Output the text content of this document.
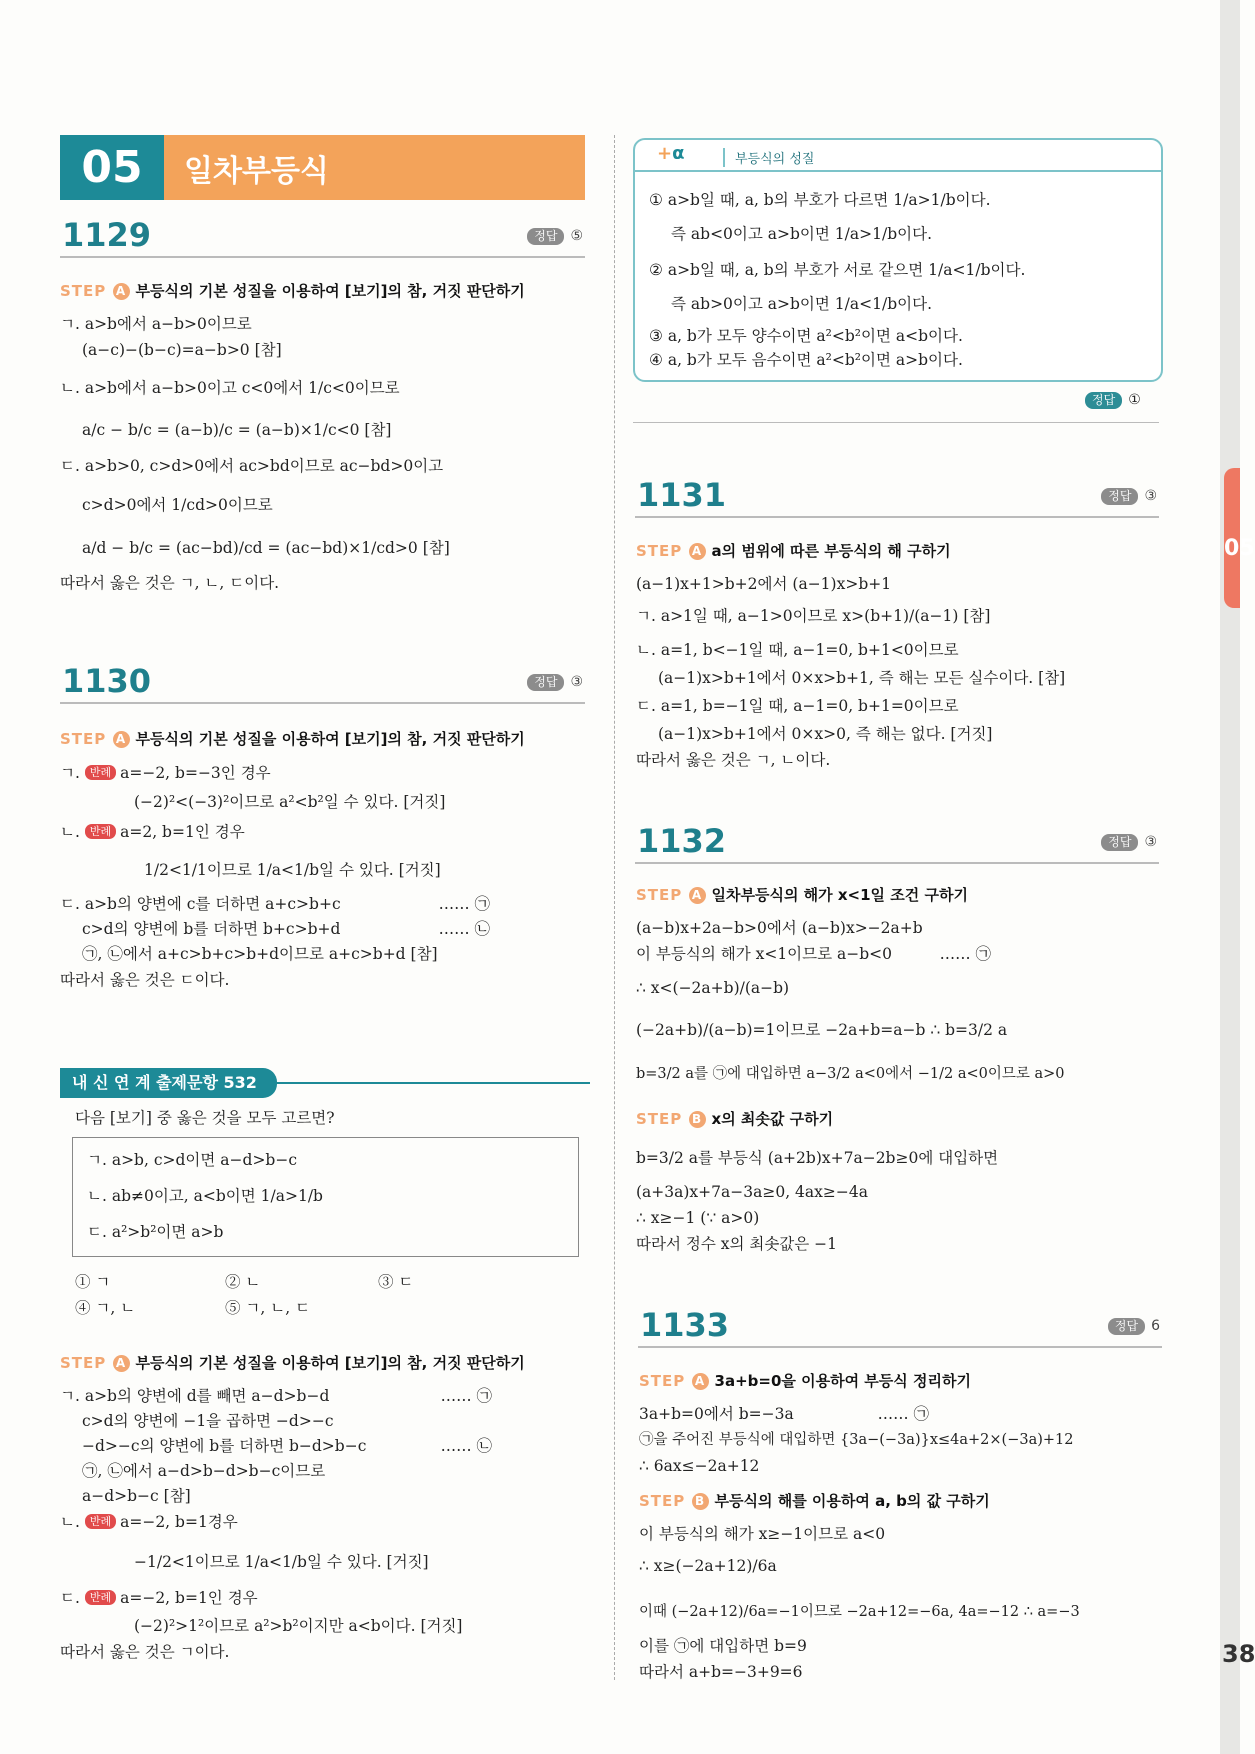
05
38
05	일차부등식
1129	정답 ⑤
STEP A 부등식의 기본 성질을 이용하여 [보기]의 참, 거짓 판단하기
ㄱ. a>b에서 a−b>0이므로
(a−c)−(b−c)=a−b>0 [참]
ㄴ. a>b에서 a−b>0이고 c<0에서 1/c<0이므로
a/c − b/c = (a−b)/c = (a−b)×1/c<0 [참]
ㄷ. a>b>0, c>d>0에서 ac>bd이므로 ac−bd>0이고
c>d>0에서 1/cd>0이므로
a/d − b/c = (ac−bd)/cd = (ac−bd)×1/cd>0 [참]
따라서 옳은 것은 ㄱ, ㄴ, ㄷ이다.
1130	정답 ③
STEP A 부등식의 기본 성질을 이용하여 [보기]의 참, 거짓 판단하기
ㄱ. 반례 a=−2, b=−3인 경우
(−2)²<(−3)²이므로 a²<b²일 수 있다. [거짓]
ㄴ. 반례 a=2, b=1인 경우
1/2<1/1이므로 1/a<1/b일 수 있다. [거짓]
ㄷ. a>b의 양변에 c를 더하면 a+c>b+c	…… ㉠
c>d의 양변에 b를 더하면 b+c>b+d	…… ㉡
㉠, ㉡에서 a+c>b+c>b+d이므로 a+c>b+d [참]
따라서 옳은 것은 ㄷ이다.
내 신 연 계 출제문항 532
다음 [보기] 중 옳은 것을 모두 고르면?
ㄱ. a>b, c>d이면 a−d>b−c
ㄴ. ab≠0이고, a<b이면 1/a>1/b
ㄷ. a²>b²이면 a>b
① ㄱ	② ㄴ	③ ㄷ
④ ㄱ, ㄴ	⑤ ㄱ, ㄴ, ㄷ
STEP A 부등식의 기본 성질을 이용하여 [보기]의 참, 거짓 판단하기
ㄱ. a>b의 양변에 d를 빼면 a−d>b−d	…… ㉠
c>d의 양변에 −1을 곱하면 −d>−c
−d>−c의 양변에 b를 더하면 b−d>b−c	…… ㉡
㉠, ㉡에서 a−d>b−d>b−c이므로
a−d>b−c [참]
ㄴ. 반례 a=−2, b=1경우
−1/2<1이므로 1/a<1/b일 수 있다. [거짓]
ㄷ. 반례 a=−2, b=1인 경우
(−2)²>1²이므로 a²>b²이지만 a<b이다. [거짓]
따라서 옳은 것은 ㄱ이다.
+α	부등식의 성질
① a>b일 때, a, b의 부호가 다르면 1/a>1/b이다.
즉 ab<0이고 a>b이면 1/a>1/b이다.
② a>b일 때, a, b의 부호가 서로 같으면 1/a<1/b이다.
즉 ab>0이고 a>b이면 1/a<1/b이다.
③ a, b가 모두 양수이면 a²<b²이면 a<b이다.
④ a, b가 모두 음수이면 a²<b²이면 a>b이다.
정답 ①
1131	정답 ③
STEP A a의 범위에 따른 부등식의 해 구하기
(a−1)x+1>b+2에서 (a−1)x>b+1
ㄱ. a>1일 때, a−1>0이므로 x>(b+1)/(a−1) [참]
ㄴ. a=1, b<−1일 때, a−1=0, b+1<0이므로
(a−1)x>b+1에서 0×x>b+1, 즉 해는 모든 실수이다. [참]
ㄷ. a=1, b=−1일 때, a−1=0, b+1=0이므로
(a−1)x>b+1에서 0×x>0, 즉 해는 없다. [거짓]
따라서 옳은 것은 ㄱ, ㄴ이다.
1132	정답 ③
STEP A 일차부등식의 해가 x<1일 조건 구하기
(a−b)x+2a−b>0에서 (a−b)x>−2a+b
이 부등식의 해가 x<1이므로 a−b<0	…… ㉠
∴ x<(−2a+b)/(a−b)
(−2a+b)/(a−b)=1이므로 −2a+b=a−b ∴ b=3/2 a
b=3/2 a를 ㉠에 대입하면 a−3/2 a<0에서 −1/2 a<0이므로 a>0
STEP B x의 최솟값 구하기
b=3/2 a를 부등식 (a+2b)x+7a−2b≥0에 대입하면
(a+3a)x+7a−3a≥0, 4ax≥−4a
∴ x≥−1 (∵ a>0)
따라서 정수 x의 최솟값은 −1
1133	정답 6
STEP A 3a+b=0을 이용하여 부등식 정리하기
3a+b=0에서 b=−3a	…… ㉠
㉠을 주어진 부등식에 대입하면 {3a−(−3a)}x≤4a+2×(−3a)+12
∴ 6ax≤−2a+12
STEP B 부등식의 해를 이용하여 a, b의 값 구하기
이 부등식의 해가 x≥−1이므로 a<0
∴ x≥(−2a+12)/6a
이때 (−2a+12)/6a=−1이므로 −2a+12=−6a, 4a=−12 ∴ a=−3
이를 ㉠에 대입하면 b=9
따라서 a+b=−3+9=6
